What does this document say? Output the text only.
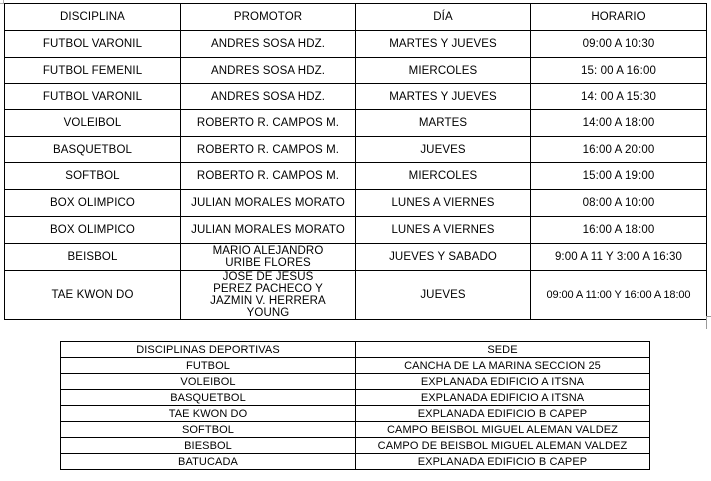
DISCIPLINA	PROMOTOR	DÍA	HORARIO
FUTBOL VARONIL	ANDRES SOSA HDZ.	MARTES Y JUEVES	09:00 A 10:30
FUTBOL FEMENIL	ANDRES SOSA HDZ.	MIERCOLES	15: 00 A 16:00
FUTBOL VARONIL	ANDRES SOSA HDZ.	MARTES Y JUEVES	14: 00 A 15:30
VOLEIBOL	ROBERTO R. CAMPOS M.	MARTES	14:00 A 18:00
BASQUETBOL	ROBERTO R. CAMPOS M.	JUEVES	16:00 A 20:00
SOFTBOL	ROBERTO R. CAMPOS M.	MIERCOLES	15:00 A 19:00
BOX OLIMPICO	JULIAN MORALES MORATO	LUNES A VIERNES	08:00 A 10:00
BOX OLIMPICO	JULIAN MORALES MORATO	LUNES A VIERNES	16:00 A 18:00
BEISBOL	MARIO ALEJANDRO URIBE FLORES	JUEVES Y SABADO	9:00 A 11 Y 3:00 A 16:30
TAE KWON DO	JOSE DE JESUS PEREZ PACHECO Y JAZMIN V. HERRERA YOUNG	JUEVES	09:00 A 11:00 Y 16:00 A 18:00
DISCIPLINAS DEPORTIVAS	SEDE
FUTBOL	CANCHA DE LA MARINA SECCION 25
VOLEIBOL	EXPLANADA EDIFICIO A ITSNA
BASQUETBOL	EXPLANADA EDIFICIO A ITSNA
TAE KWON DO	EXPLANADA EDIFICIO B CAPEP
SOFTBOL	CAMPO BEISBOL MIGUEL ALEMAN VALDEZ
BIESBOL	CAMPO DE BEISBOL MIGUEL ALEMAN VALDEZ
BATUCADA	EXPLANADA EDIFICIO B CAPEP
